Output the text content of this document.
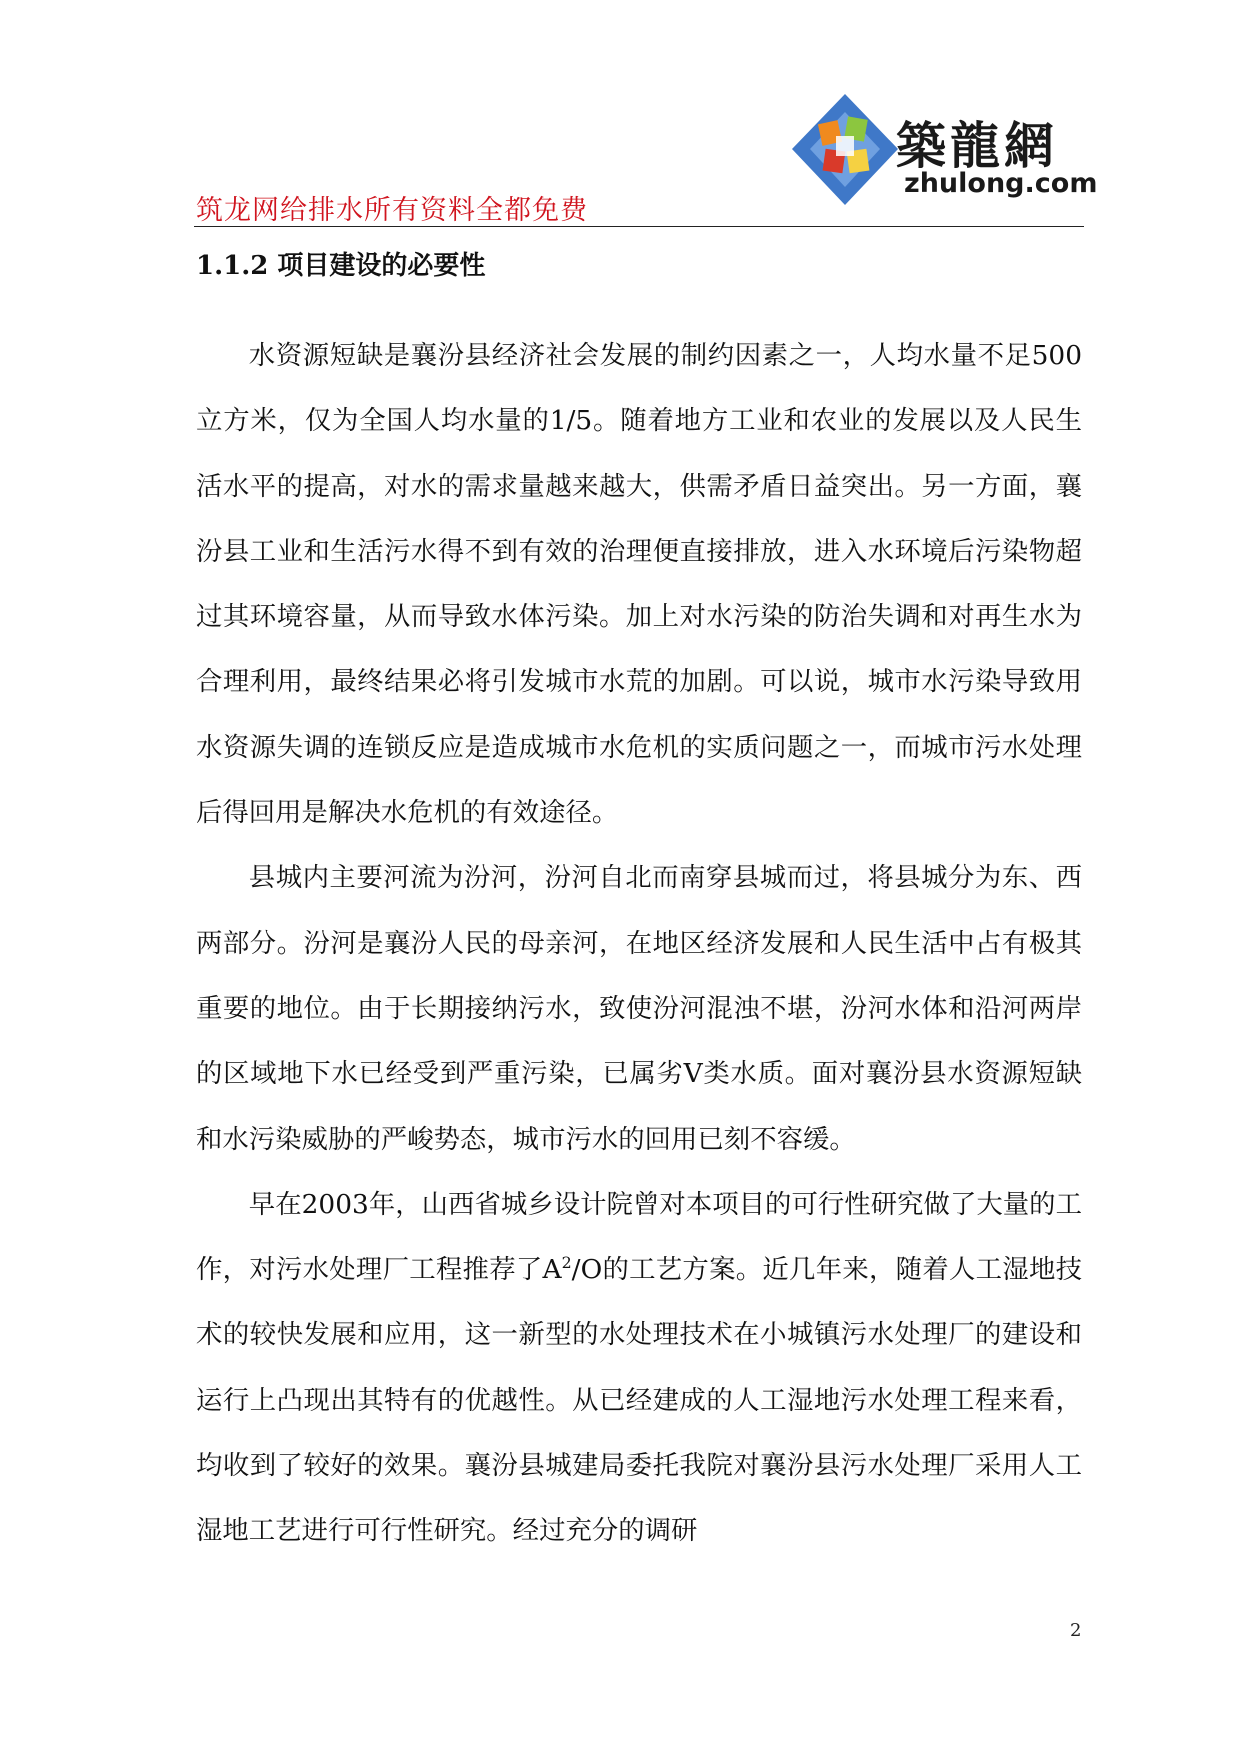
筑龙网给排水所有资料全都免费
築龍網
zhulong.com
1.1.2 项目建设的必要性

水资源短缺是襄汾县经济社会发展的制约因素之一，人均水量不足500立方米，仅为全国人均水量的1/5。随着地方工业和农业的发展以及人民生活水平的提高，对水的需求量越来越大，供需矛盾日益突出。另一方面，襄汾县工业和生活污水得不到有效的治理便直接排放，进入水环境后污染物超过其环境容量，从而导致水体污染。加上对水污染的防治失调和对再生水为合理利用，最终结果必将引发城市水荒的加剧。可以说，城市水污染导致用水资源失调的连锁反应是造成城市水危机的实质问题之一，而城市污水处理后得回用是解决水危机的有效途径。

县城内主要河流为汾河，汾河自北而南穿县城而过，将县城分为东、西两部分。汾河是襄汾人民的母亲河，在地区经济发展和人民生活中占有极其重要的地位。由于长期接纳污水，致使汾河混浊不堪，汾河水体和沿河两岸的区域地下水已经受到严重污染，已属劣Ⅴ类水质。面对襄汾县水资源短缺和水污染威胁的严峻势态，城市污水的回用已刻不容缓。

早在2003年，山西省城乡设计院曾对本项目的可行性研究做了大量的工作，对污水处理厂工程推荐了$A^2/O$的工艺方案。近几年来，随着人工湿地技术的较快发展和应用，这一新型的水处理技术在小城镇污水处理厂的建设和运行上凸现出其特有的优越性。从已经建成的人工湿地污水处理工程来看，均收到了较好的效果。襄汾县城建局委托我院对襄汾县污水处理厂采用人工湿地工艺进行可行性研究。经过充分的调研

2
